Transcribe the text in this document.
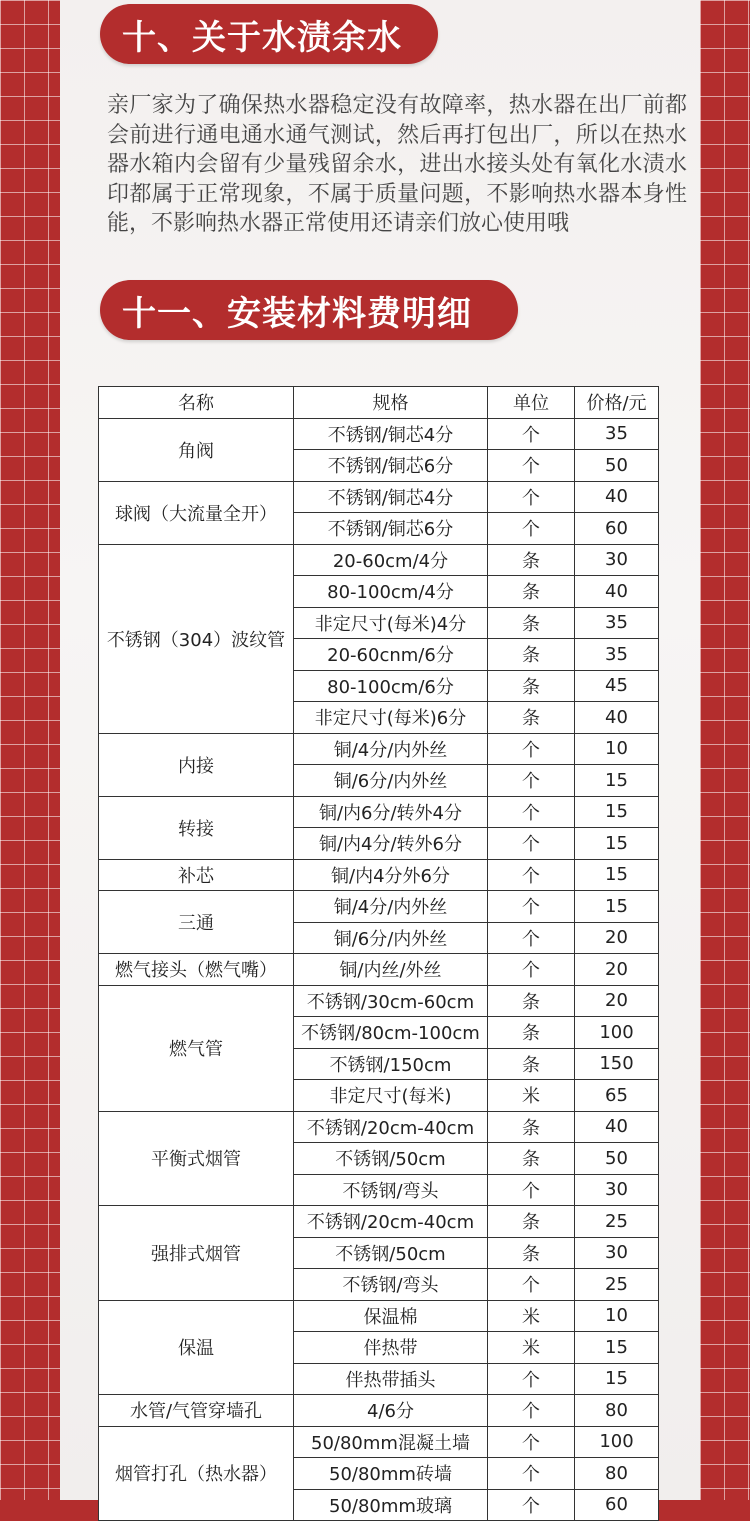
十、关于水渍余水
亲厂家为了确保热水器稳定没有故障率，热水器在出厂前都会前进行通电通水通气测试，然后再打包出厂，所以在热水器水箱内会留有少量残留余水，进出水接头处有氧化水渍水印都属于正常现象，不属于质量问题，不影响热水器本身性能，不影响热水器正常使用还请亲们放心使用哦
十一、安装材料费明细
名称	规格	单位	价格/元
角阀	不锈钢/铜芯4分	个	35
	不锈钢/铜芯6分	个	50
球阀（大流量全开）	不锈钢/铜芯4分	个	40
	不锈钢/铜芯6分	个	60
不锈钢（304）波纹管	20-60cm/4分	条	30
	80-100cm/4分	条	40
	非定尺寸(每米)4分	条	35
	20-60cnm/6分	条	35
	80-100cm/6分	条	45
	非定尺寸(每米)6分	条	40
内接	铜/4分/内外丝	个	10
	铜/6分/内外丝	个	15
转接	铜/内6分/转外4分	个	15
	铜/内4分/转外6分	个	15
补芯	铜/内4分外6分	个	15
三通	铜/4分/内外丝	个	15
	铜/6分/内外丝	个	20
燃气接头（燃气嘴）	铜/内丝/外丝	个	20
燃气管	不锈钢/30cm-60cm	条	20
	不锈钢/80cm-100cm	条	100
	不锈钢/150cm	条	150
	非定尺寸(每米)	米	65
平衡式烟管	不锈钢/20cm-40cm	条	40
	不锈钢/50cm	条	50
	不锈钢/弯头	个	30
强排式烟管	不锈钢/20cm-40cm	条	25
	不锈钢/50cm	条	30
	不锈钢/弯头	个	25
保温	保温棉	米	10
	伴热带	米	15
	伴热带插头	个	15
水管/气管穿墙孔	4/6分	个	80
烟管打孔（热水器）	50/80mm混凝土墙	个	100
	50/80mm砖墙	个	80
	50/80mm玻璃	个	60
